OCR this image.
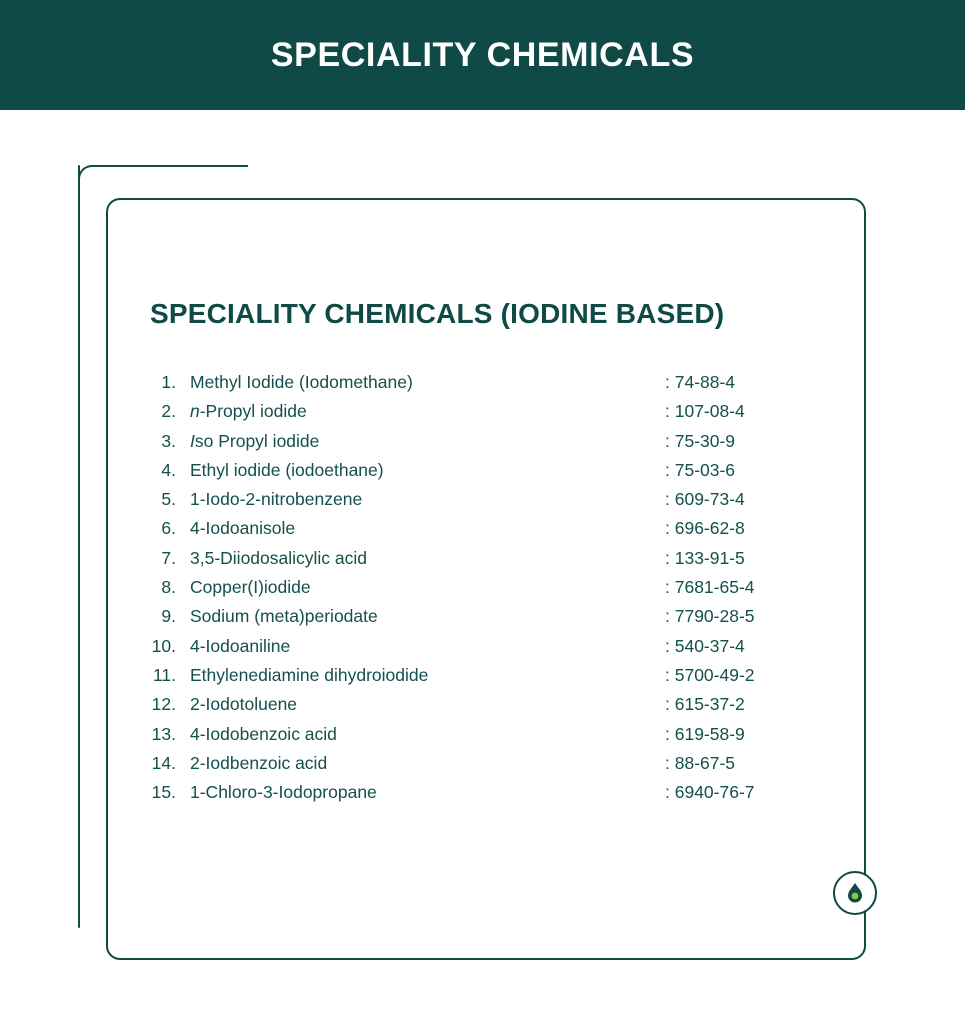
SPECIALITY CHEMICALS
SPECIALITY CHEMICALS (IODINE BASED)
1. Methyl Iodide (Iodomethane)	: 74-88-4
2. n-Propyl iodide	: 107-08-4
3. Iso Propyl iodide	: 75-30-9
4. Ethyl iodide (iodoethane)	: 75-03-6
5. 1-Iodo-2-nitrobenzene	: 609-73-4
6. 4-Iodoanisole	: 696-62-8
7. 3,5-Diiodosalicylic acid	: 133-91-5
8. Copper(I)iodide	: 7681-65-4
9. Sodium (meta)periodate	: 7790-28-5
10. 4-Iodoaniline	: 540-37-4
11. Ethylenediamine dihydroiodide	: 5700-49-2
12. 2-Iodotoluene	: 615-37-2
13. 4-Iodobenzoic acid	: 619-58-9
14. 2-Iodbenzoic acid	: 88-67-5
15. 1-Chloro-3-Iodopropane	: 6940-76-7
